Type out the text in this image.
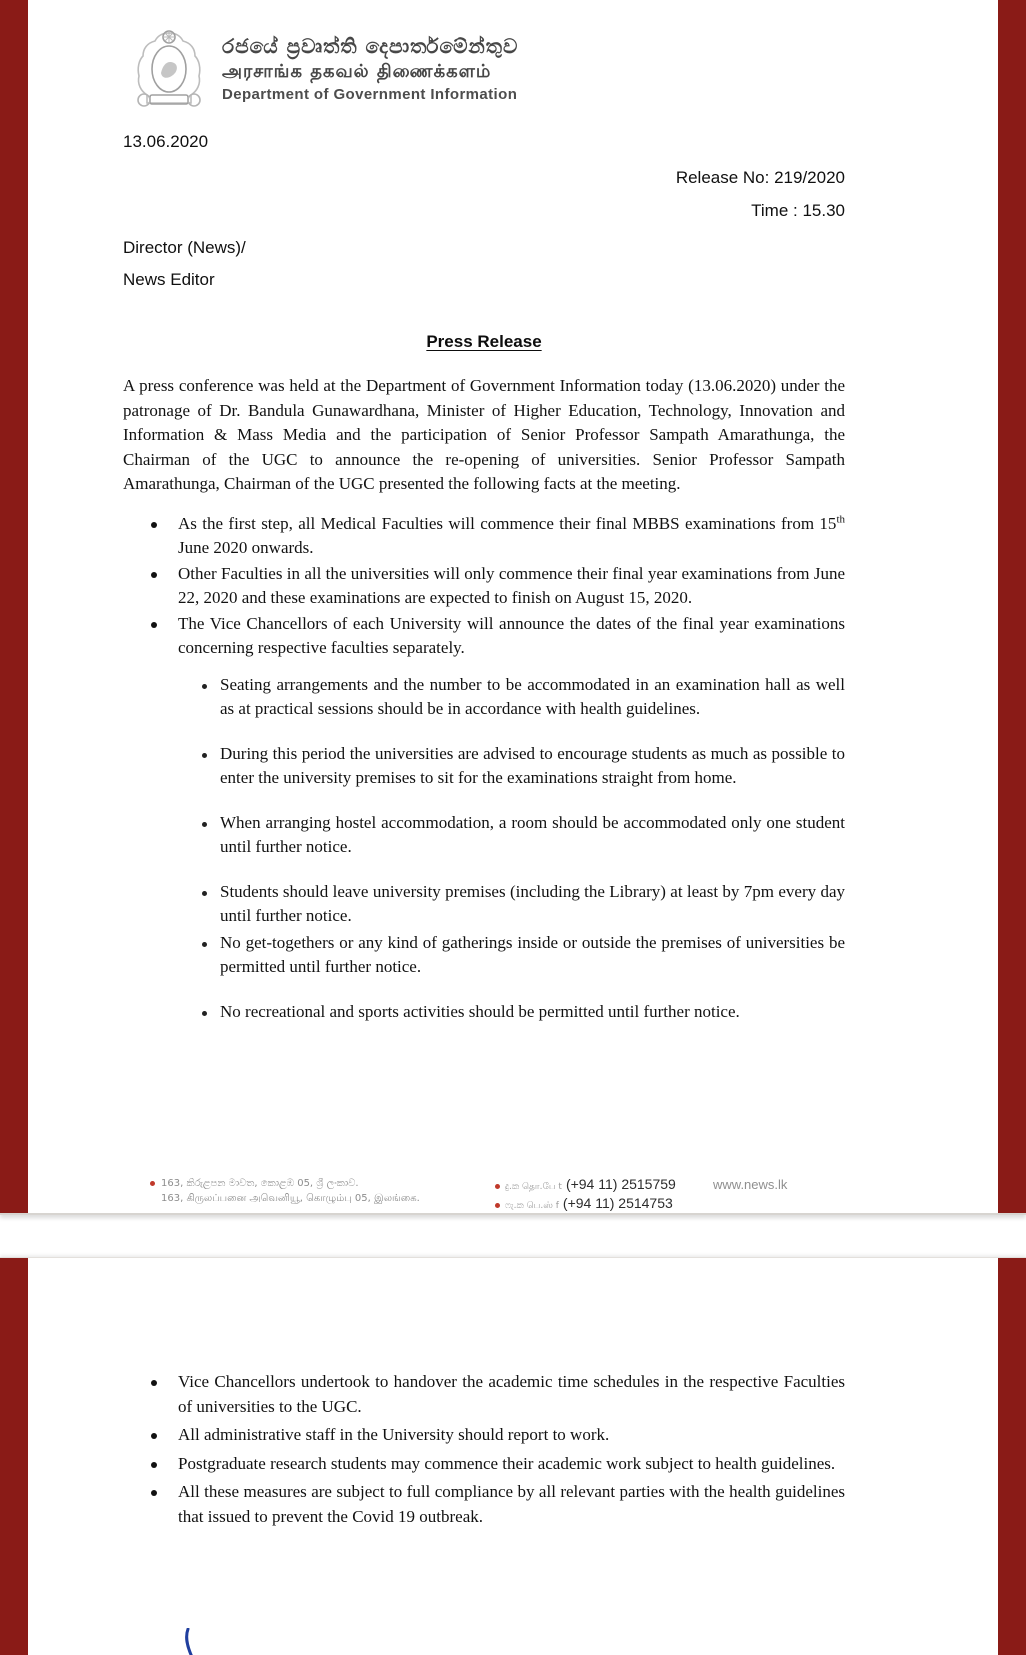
රජයේ ප්‍රවෘත්ති දෙපාර්තමේන්තුව
அரசாங்க தகவல் திணைக்களம்
Department of Government Information
13.06.2020
Release No: 219/2020
Time : 15.30
Director (News)/
News Editor
Press Release

A press conference was held at the Department of Government Information today (13.06.2020) under the patronage of Dr. Bandula Gunawardhana, Minister of Higher Education, Technology, Innovation and Information & Mass Media and the participation of Senior Professor Sampath Amarathunga, the Chairman of the UGC to announce the re-opening of universities. Senior Professor Sampath Amarathunga, Chairman of the UGC presented the following facts at the meeting.

As the first step, all Medical Faculties will commence their final MBBS examinations from 15th June 2020 onwards.
Other Faculties in all the universities will only commence their final year examinations from June 22, 2020 and these examinations are expected to finish on August 15, 2020.
The Vice Chancellors of each University will announce the dates of the final year examinations concerning respective faculties separately.
Seating arrangements and the number to be accommodated in an examination hall as well as at practical sessions should be in accordance with health guidelines.
During this period the universities are advised to encourage students as much as possible to enter the university premises to sit for the examinations straight from home.
When arranging hostel accommodation, a room should be accommodated only one student until further notice.
Students should leave university premises (including the Library) at least by 7pm every day until further notice.
No get-togethers or any kind of gatherings inside or outside the premises of universities be permitted until further notice.
No recreational and sports activities should be permitted until further notice.
163, කිරුළපන මාවත, කොළඹ 05, ශ්‍රී ලංකාව.
163, கிருலப்பனை அவெனியூ, கொழும்பு 05, இலங்கை.
දු.ක தொ.பே t (+94 11) 2515759
ෆැ.ක பெ.ஸ் f (+94 11) 2514753
www.news.lk
Vice Chancellors undertook to handover the academic time schedules in the respective Faculties of universities to the UGC.
All administrative staff in the University should report to work.
Postgraduate research students may commence their academic work subject to health guidelines.
All these measures are subject to full compliance by all relevant parties with the health guidelines that issued to prevent the Covid 19 outbreak.
